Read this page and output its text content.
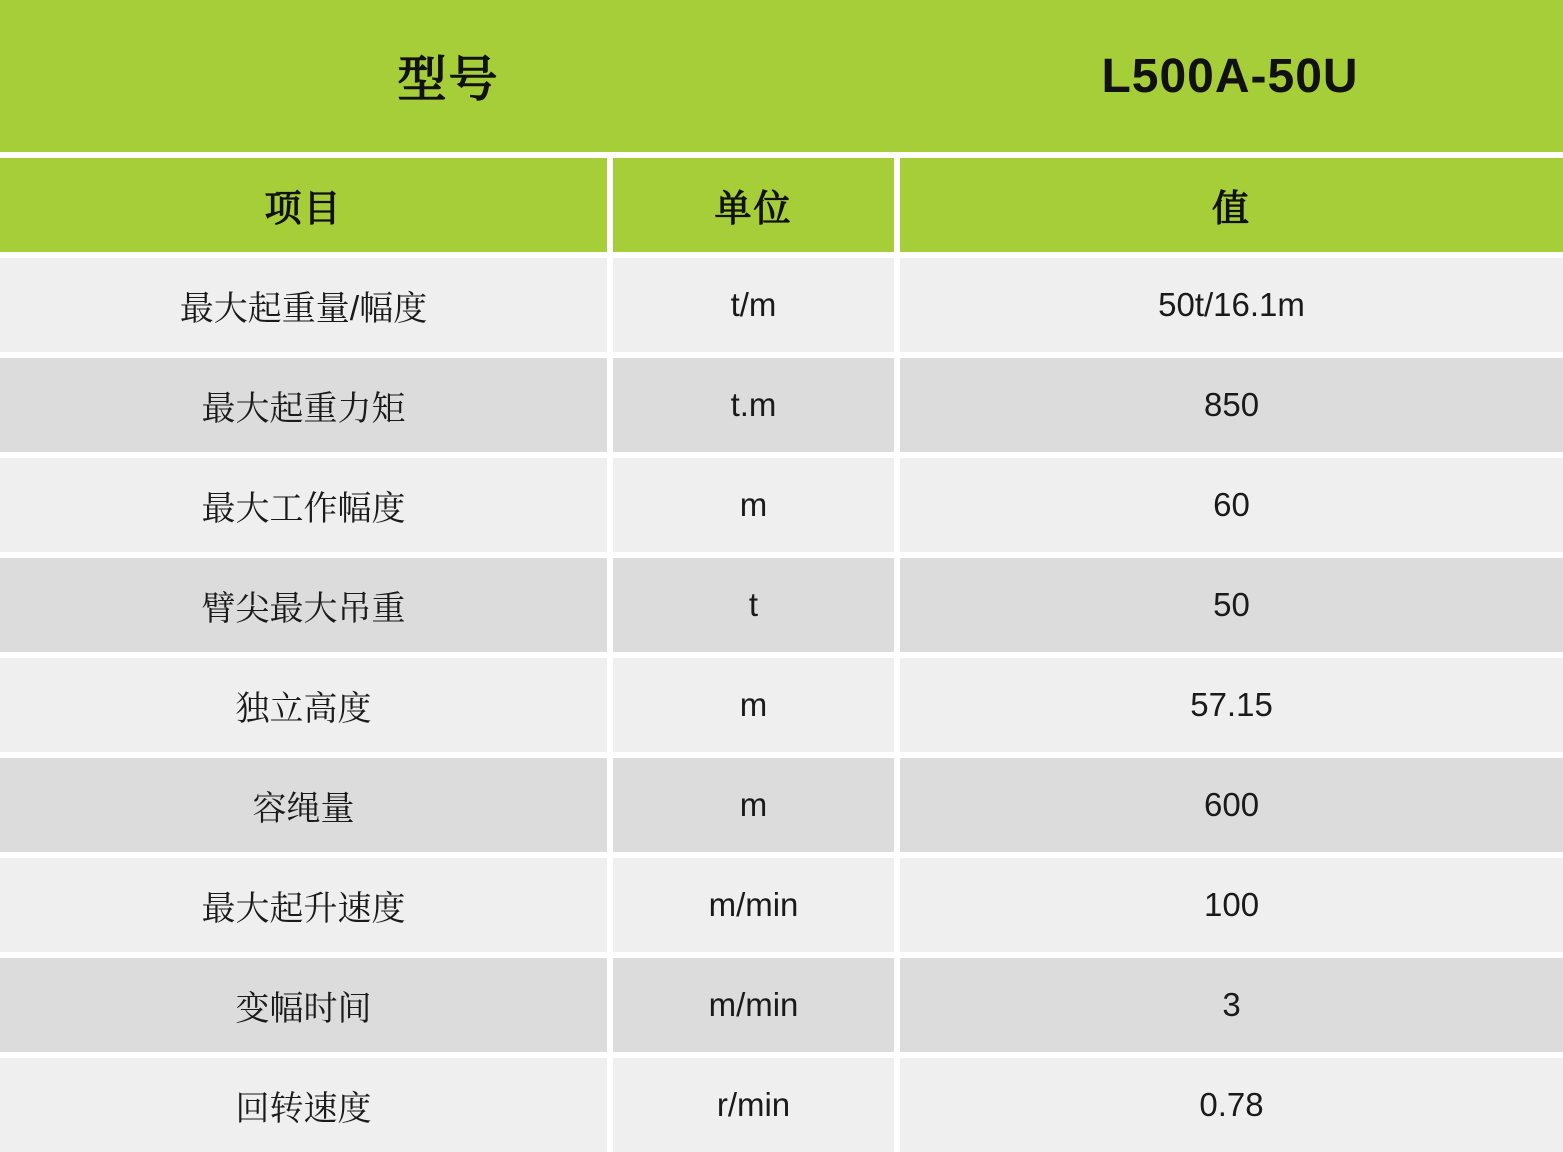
型号		L500A-50U
项目	单位	值
最大起重量/幅度	t/m	50t/16.1m
最大起重力矩	t.m	850
最大工作幅度	m	60
臂尖最大吊重	t	50
独立高度	m	57.15
容绳量	m	600
最大起升速度	m/min	100
变幅时间	m/min	3
回转速度	r/min	0.78
